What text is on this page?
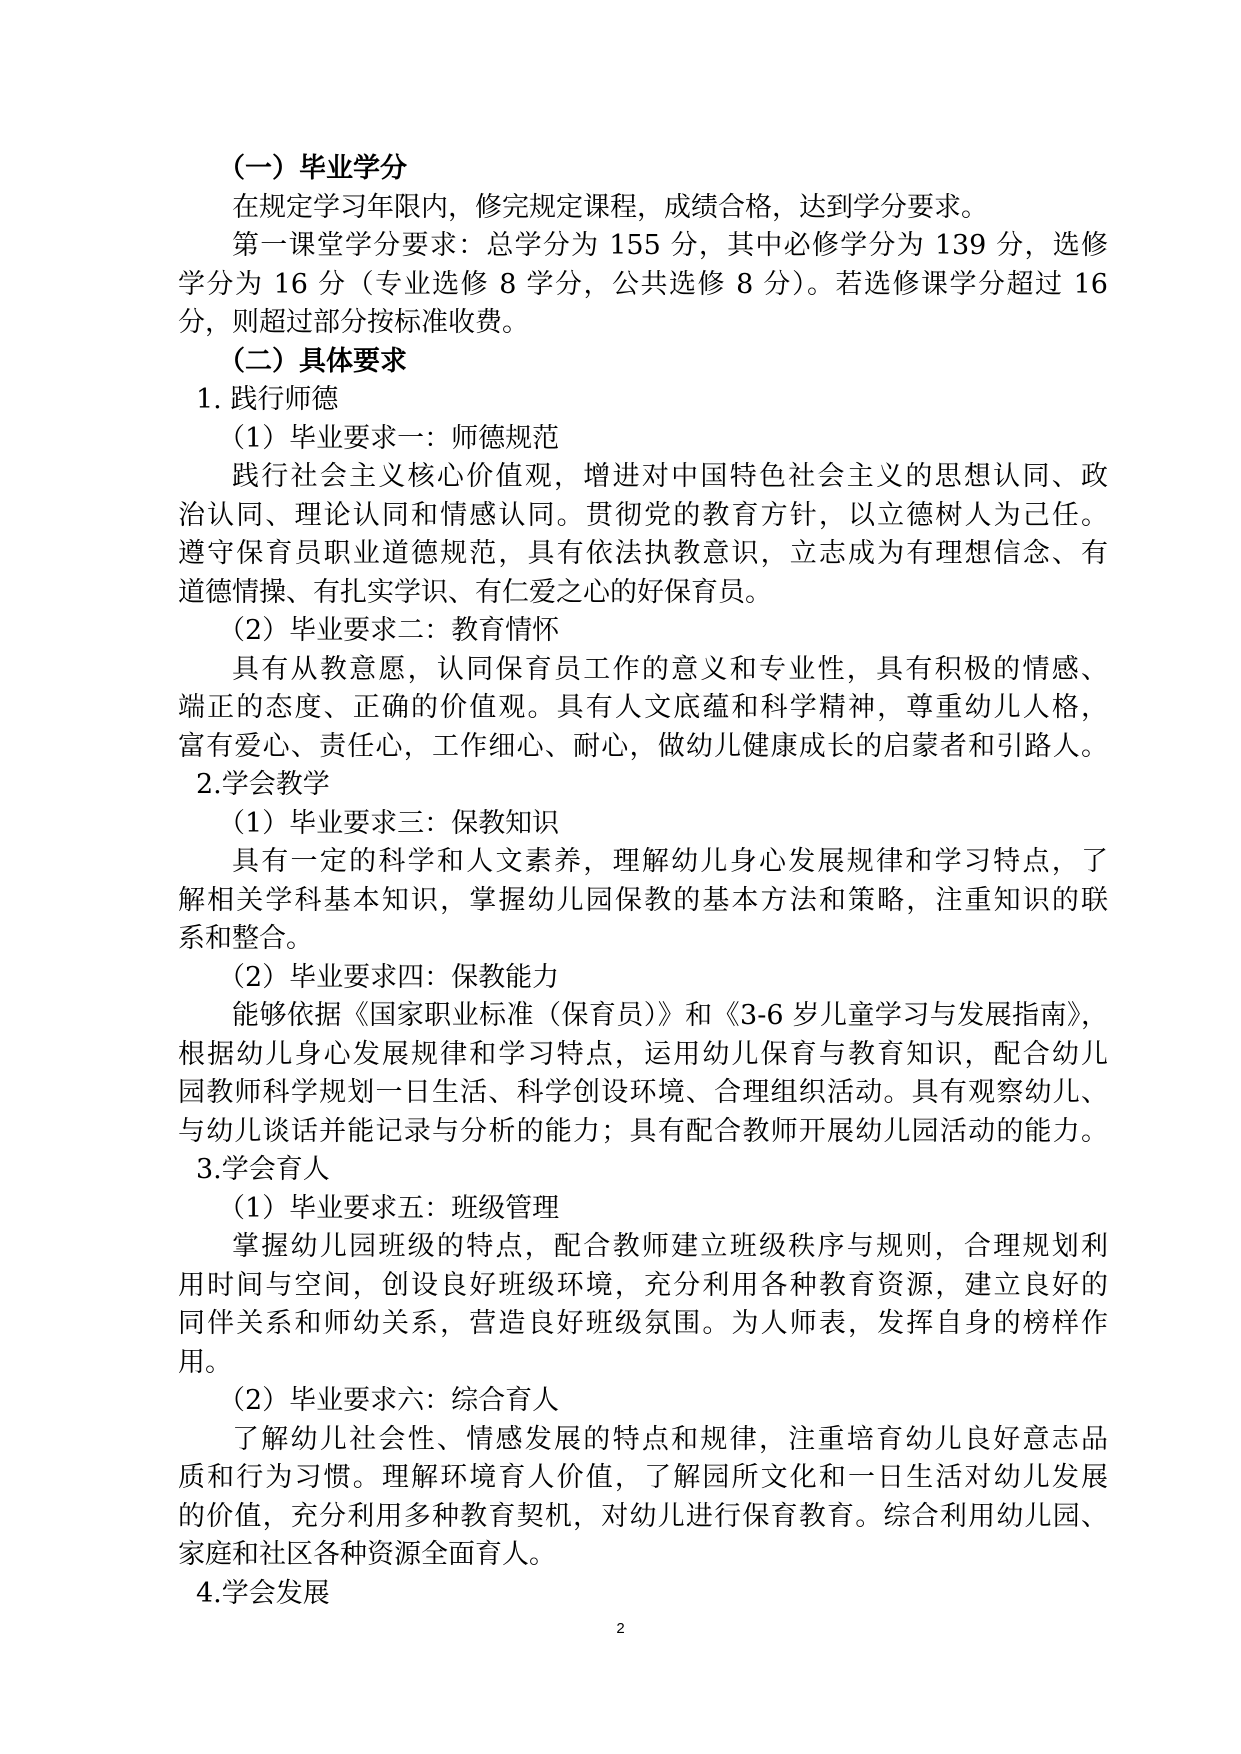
（一）毕业学分

在规定学习年限内，修完规定课程，成绩合格，达到学分要求。

第一课堂学分要求：总学分为 155 分，其中必修学分为 139 分，选修

学分为 16 分（专业选修 8 学分，公共选修 8 分）。若选修课学分超过 16

分，则超过部分按标准收费。

（二）具体要求

1. 践行师德

（1）毕业要求一：师德规范

践行社会主义核心价值观，增进对中国特色社会主义的思想认同、政

治认同、理论认同和情感认同。贯彻党的教育方针，以立德树人为己任。

遵守保育员职业道德规范，具有依法执教意识，立志成为有理想信念、有

道德情操、有扎实学识、有仁爱之心的好保育员。

（2）毕业要求二：教育情怀

具有从教意愿，认同保育员工作的意义和专业性，具有积极的情感、

端正的态度、正确的价值观。具有人文底蕴和科学精神，尊重幼儿人格，

富有爱心、责任心，工作细心、耐心，做幼儿健康成长的启蒙者和引路人。

2.学会教学

（1）毕业要求三：保教知识

具有一定的科学和人文素养，理解幼儿身心发展规律和学习特点，了

解相关学科基本知识，掌握幼儿园保教的基本方法和策略，注重知识的联

系和整合。

（2）毕业要求四：保教能力

能够依据《国家职业标准（保育员）》和《3-6 岁儿童学习与发展指南》，

根据幼儿身心发展规律和学习特点，运用幼儿保育与教育知识，配合幼儿

园教师科学规划一日生活、科学创设环境、合理组织活动。具有观察幼儿、

与幼儿谈话并能记录与分析的能力；具有配合教师开展幼儿园活动的能力。

3.学会育人

（1）毕业要求五：班级管理

掌握幼儿园班级的特点，配合教师建立班级秩序与规则，合理规划利

用时间与空间，创设良好班级环境，充分利用各种教育资源，建立良好的

同伴关系和师幼关系，营造良好班级氛围。为人师表，发挥自身的榜样作

用。

（2）毕业要求六：综合育人

了解幼儿社会性、情感发展的特点和规律，注重培育幼儿良好意志品

质和行为习惯。理解环境育人价值，了解园所文化和一日生活对幼儿发展

的价值，充分利用多种教育契机，对幼儿进行保育教育。综合利用幼儿园、

家庭和社区各种资源全面育人。

4.学会发展

2
